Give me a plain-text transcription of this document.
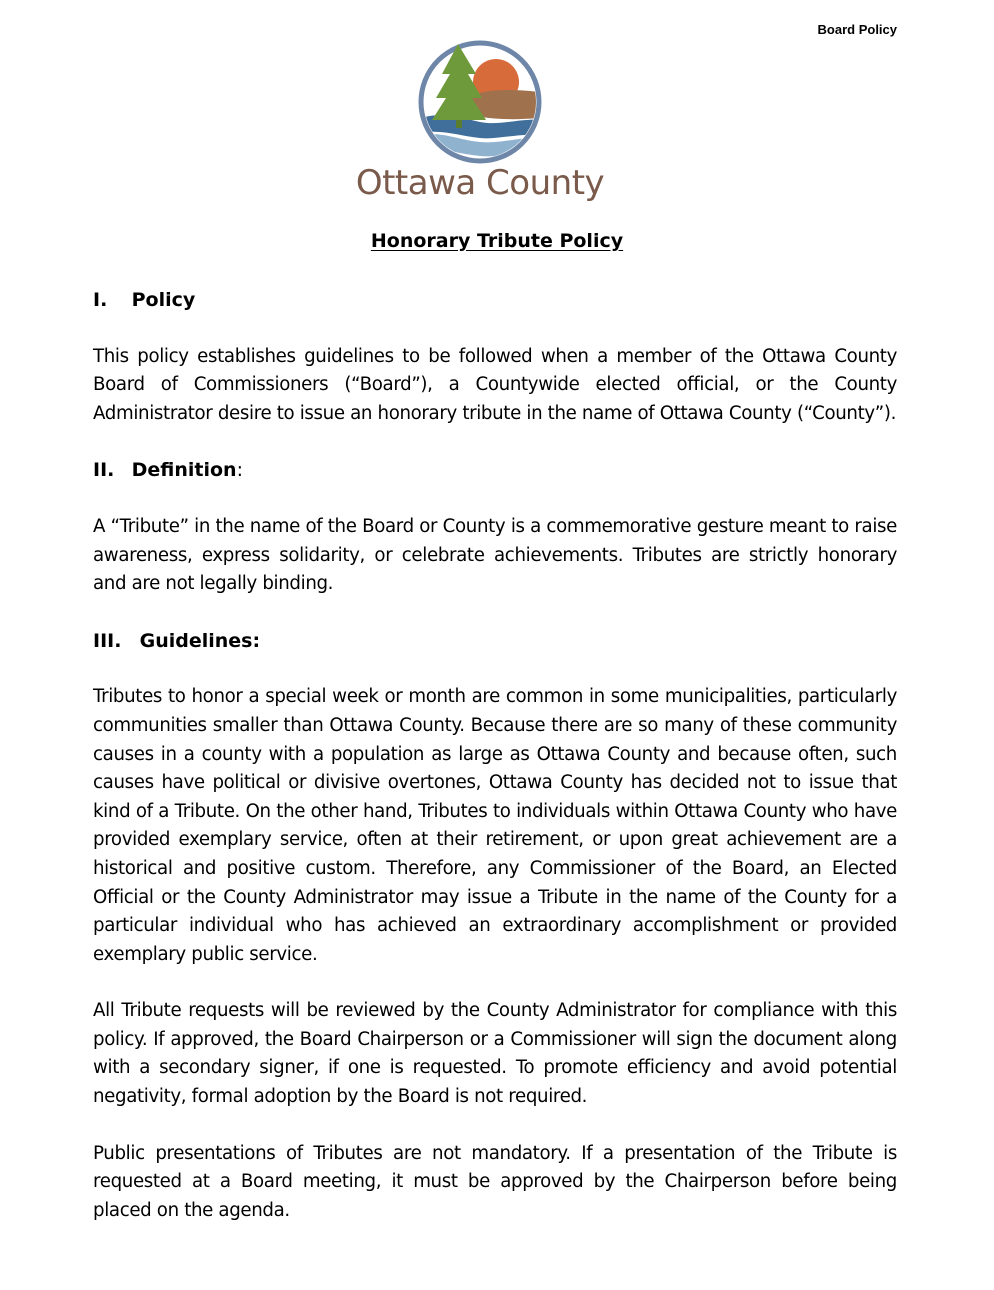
Board Policy
Ottawa County
Honorary Tribute Policy
I. Policy

This policy establishes guidelines to be followed when a member of the Ottawa County Board of Commissioners (“Board”), a Countywide elected official, or the County Administrator desire to issue an honorary tribute in the name of Ottawa County (“County”).

II. Definition:

A “Tribute” in the name of the Board or County is a commemorative gesture meant to raise awareness, express solidarity, or celebrate achievements. Tributes are strictly honorary and are not legally binding.

III. Guidelines:

Tributes to honor a special week or month are common in some municipalities, particularly communities smaller than Ottawa County. Because there are so many of these community causes in a county with a population as large as Ottawa County and because often, such causes have political or divisive overtones, Ottawa County has decided not to issue that kind of a Tribute. On the other hand, Tributes to individuals within Ottawa County who have provided exemplary service, often at their retirement, or upon great achievement are a historical and positive custom. Therefore, any Commissioner of the Board, an Elected Official or the County Administrator may issue a Tribute in the name of the County for a particular individual who has achieved an extraordinary accomplishment or provided exemplary public service.

All Tribute requests will be reviewed by the County Administrator for compliance with this policy. If approved, the Board Chairperson or a Commissioner will sign the document along with a secondary signer, if one is requested. To promote efficiency and avoid potential negativity, formal adoption by the Board is not required.

Public presentations of Tributes are not mandatory. If a presentation of the Tribute is requested at a Board meeting, it must be approved by the Chairperson before being placed on the agenda.
